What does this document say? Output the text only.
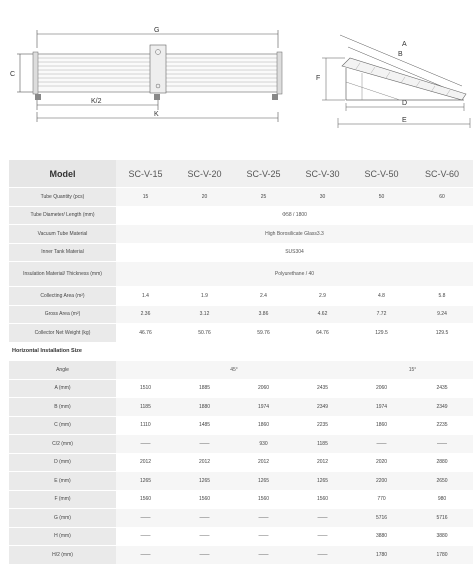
G
C
K/2
K
A
B
F
D
E
Model	SC-V-15	SC-V-20	SC-V-25	SC-V-30	SC-V-50	SC-V-60
Tube Quantity (pcs)	15	20	25	30	50	60
Tube Diameter/ Length (mm)	Φ58 / 1800					
Vacuum Tube Material	High Borosilicate Glass3.3					
Inner Tank Material	SUS304					
Insulation Material/ Thickness (mm)	Polyurethane / 40					
Collecting Area (m²)	1.4	1.9	2.4	2.9	4.8	5.8
Gross Area (m²)	2.36	3.12	3.86	4.62	7.72	9.24
Collector Net Weight (kg)	46.76	50.76	59.76	64.76	129.5	129.5
Horizontal Installation Size						
Angle	45°				15°	
A (mm)	1510	1885	2060	2435	2060	2435
B (mm)	1185	1880	1974	2349	1974	2349
C (mm)	1110	1485	1860	2235	1860	2235
C/2 (mm)	——	——	930	1185	——	——
D (mm)	2012	2012	2012	2012	2020	2880
E (mm)	1265	1265	1265	1265	2200	2650
F (mm)	1560	1560	1560	1560	770	980
G (mm)	——	——	——	——	5716	5716
H (mm)	——	——	——	——	3880	3880
H/2 (mm)	——	——	——	——	1780	1780
